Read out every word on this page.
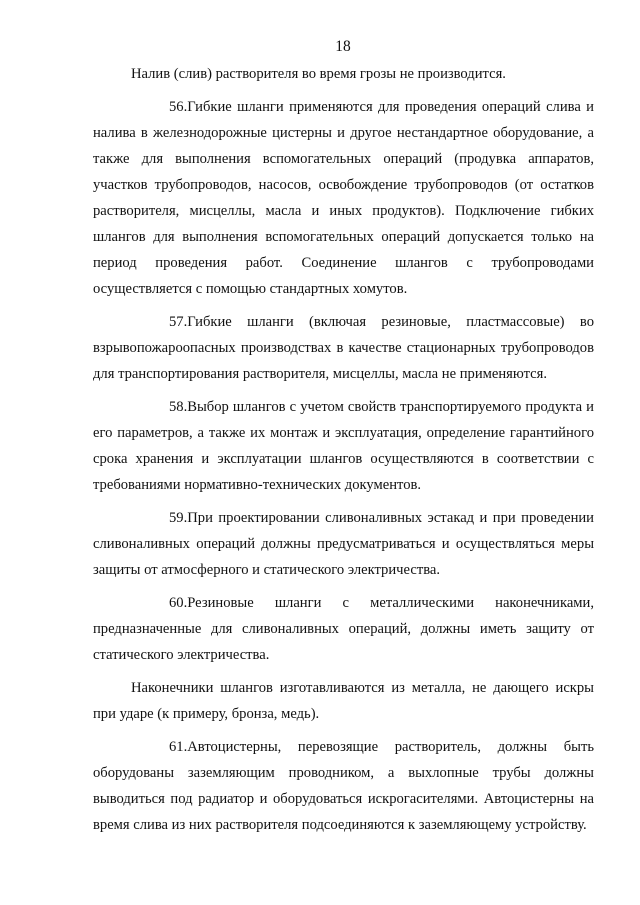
18

Налив (слив) растворителя во время грозы не производится.

56.Гибкие шланги применяются для проведения операций слива и налива в железнодорожные цистерны и другое нестандартное оборудование, а также для выполнения вспомогательных операций (продувка аппаратов, участков трубопроводов, насосов, освобождение трубопроводов (от остатков растворителя, мисцеллы, масла и иных продуктов). Подключение гибких шлангов для выполнения вспомогательных операций допускается только на период проведения работ. Соединение шлангов с трубопроводами осуществляется с помощью стандартных хомутов.

57.Гибкие шланги (включая резиновые, пластмассовые) во взрывопожароопасных производствах в качестве стационарных трубопроводов для транспортирования растворителя, мисцеллы, масла не применяются.

58.Выбор шлангов с учетом свойств транспортируемого продукта и его параметров, а также их монтаж и эксплуатация, определение гарантийного срока хранения и эксплуатации шлангов осуществляются в соответствии с требованиями нормативно-технических документов.

59.При проектировании сливоналивных эстакад и при проведении сливоналивных операций должны предусматриваться и осуществляться меры защиты от атмосферного и статического электричества.

60.Резиновые шланги с металлическими наконечниками, предназначенные для сливоналивных операций, должны иметь защиту от статического электричества.

Наконечники шлангов изготавливаются из металла, не дающего искры при ударе (к примеру, бронза, медь).

61.Автоцистерны, перевозящие растворитель, должны быть оборудованы заземляющим проводником, а выхлопные трубы должны выводиться под радиатор и оборудоваться искрогасителями. Автоцистерны на время слива из них растворителя подсоединяются к заземляющему устройству.
